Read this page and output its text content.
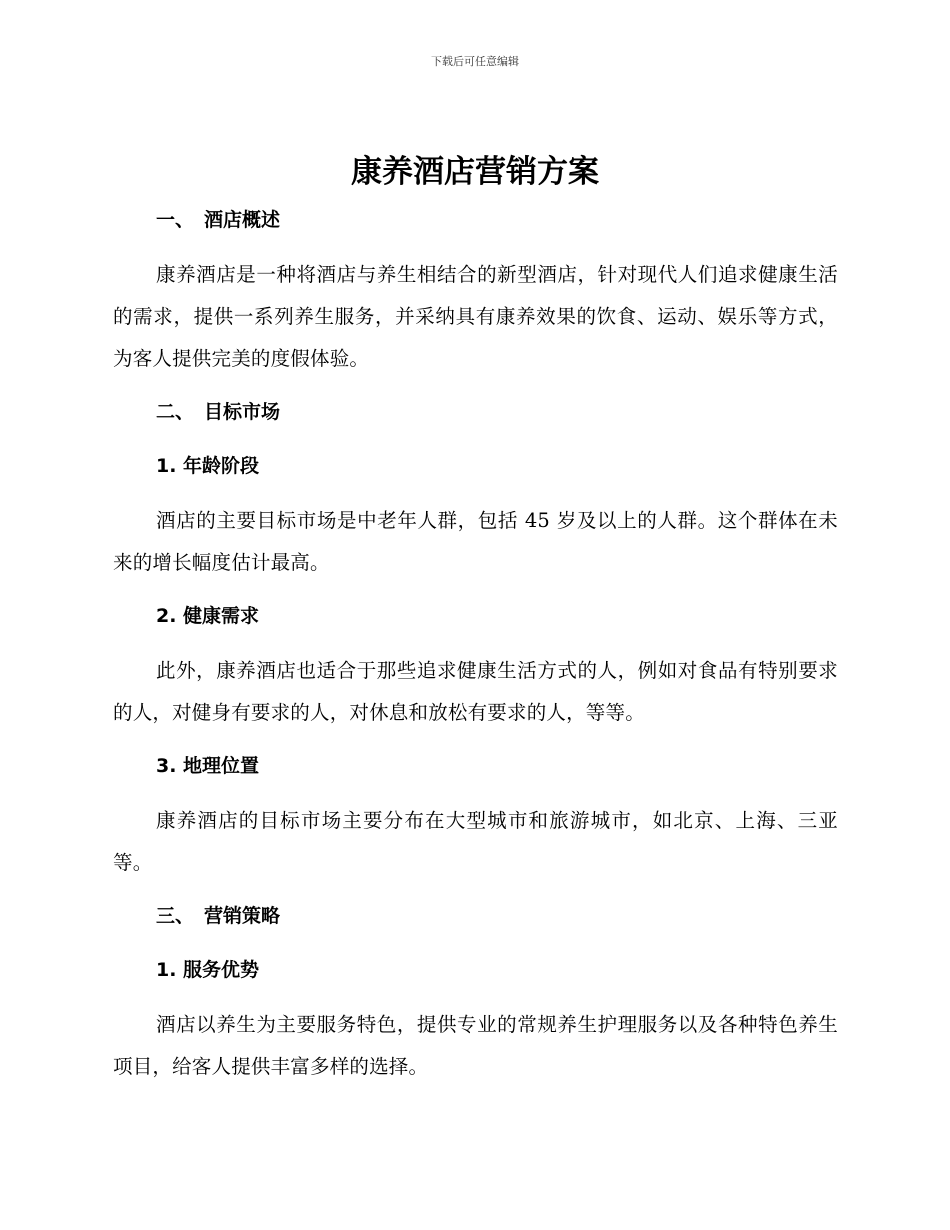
下载后可任意编辑
康养酒店营销方案
一、 酒店概述

康养酒店是一种将酒店与养生相结合的新型酒店，针对现代人们追求健康生活的需求，提供一系列养生服务，并采纳具有康养效果的饮食、运动、娱乐等方式，为客人提供完美的度假体验。

二、 目标市场
1. 年龄阶段

酒店的主要目标市场是中老年人群，包括 45 岁及以上的人群。这个群体在未来的增长幅度估计最高。

2. 健康需求

此外，康养酒店也适合于那些追求健康生活方式的人，例如对食品有特别要求的人，对健身有要求的人，对休息和放松有要求的人，等等。

3. 地理位置

康养酒店的目标市场主要分布在大型城市和旅游城市，如北京、上海、三亚等。

三、 营销策略
1. 服务优势

酒店以养生为主要服务特色，提供专业的常规养生护理服务以及各种特色养生项目，给客人提供丰富多样的选择。
